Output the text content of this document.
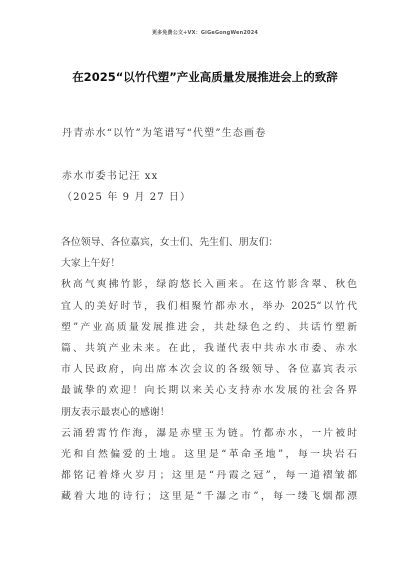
更多免费公文+VX：GiGeGongWen2024
在2025“以竹代塑”产业高质量发展推进会上的致辞
丹青赤水“以竹”为笔谱写“代塑”生态画卷
赤水市委书记汪 xx
（2025 年 9 月 27 日）
各位领导、各位嘉宾，女士们、先生们、朋友们：
大家上午好！
秋高气爽拂竹影，绿韵悠长入画来。在这竹影含翠、秋色
宜人的美好时节，我们相聚竹都赤水，举办 2025“以竹代
塑”产业高质量发展推进会，共赴绿色之约、共话竹塑新
篇、共筑产业未来。在此，我谨代表中共赤水市委、赤水
市人民政府，向出席本次会议的各级领导、各位嘉宾表示
最诚挚的欢迎！向长期以来关心支持赤水发展的社会各界
朋友表示最衷心的感谢！
云涌碧霄竹作海，瀑是赤壁玉为链。竹都赤水，一片被时
光和自然偏爱的土地。这里是“革命圣地”，每一块岩石
都铭记着烽火岁月；这里是“丹霞之冠”，每一道褶皱都
藏着大地的诗行；这里是“千瀑之市”，每一缕飞烟都漂
